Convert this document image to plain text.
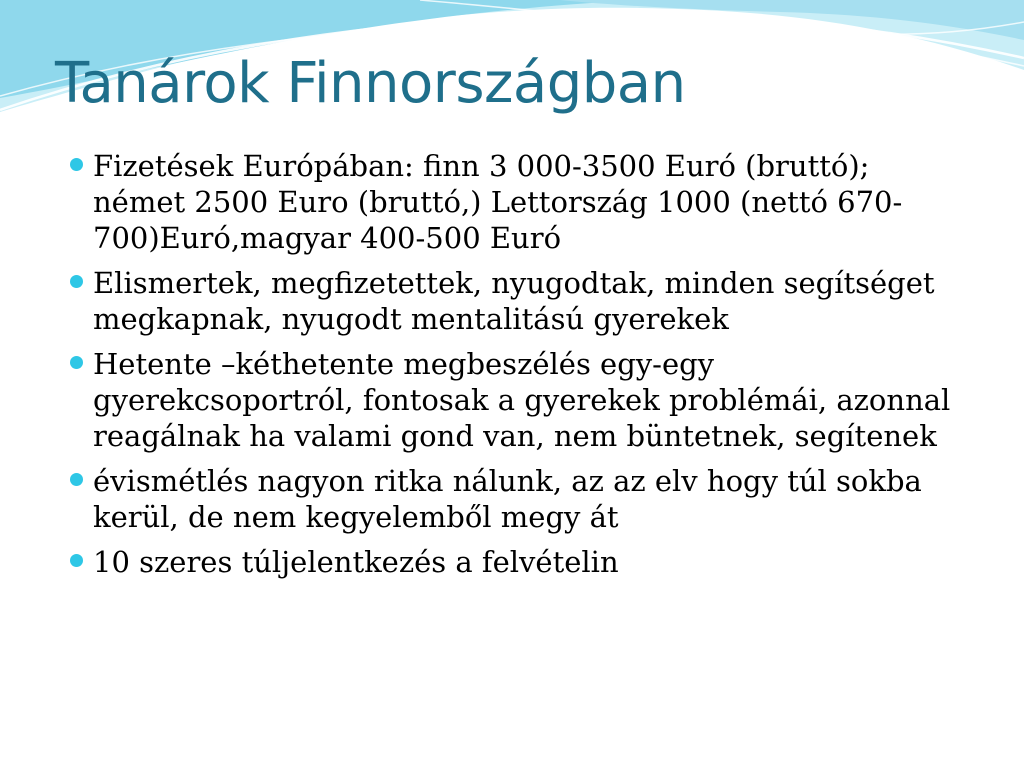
Tanárok Finnországban
Fizetések Európában: finn 3 000-3500 Euró (bruttó); német 2500 Euro (bruttó,) Lettország 1000 (nettó 670-700)Euró,magyar 400-500 Euró
Elismertek, megfizetettek, nyugodtak, minden segítséget megkapnak, nyugodt mentalitású gyerekek
Hetente –kéthetente megbeszélés egy-egy gyerekcsoportról, fontosak a gyerekek problémái, azonnal reagálnak ha valami gond van, nem büntetnek, segítenek
évismétlés nagyon ritka nálunk, az az elv hogy túl sokba kerül, de nem kegyelemből megy át
10 szeres túljelentkezés a felvételin
